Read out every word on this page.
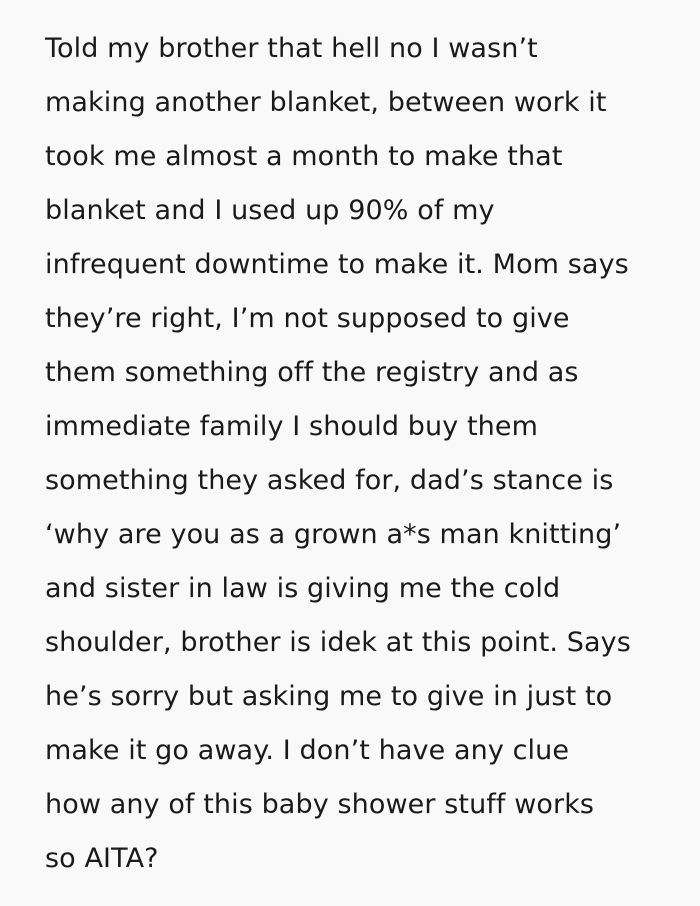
Told my brother that hell no I wasn’t
making another blanket, between work it
took me almost a month to make that
blanket and I used up 90% of my
infrequent downtime to make it. Mom says
they’re right, I’m not supposed to give
them something off the registry and as
immediate family I should buy them
something they asked for, dad’s stance is
‘why are you as a grown a*s man knitting’
and sister in law is giving me the cold
shoulder, brother is idek at this point. Says
he’s sorry but asking me to give in just to
make it go away. I don’t have any clue
how any of this baby shower stuff works
so AITA?
